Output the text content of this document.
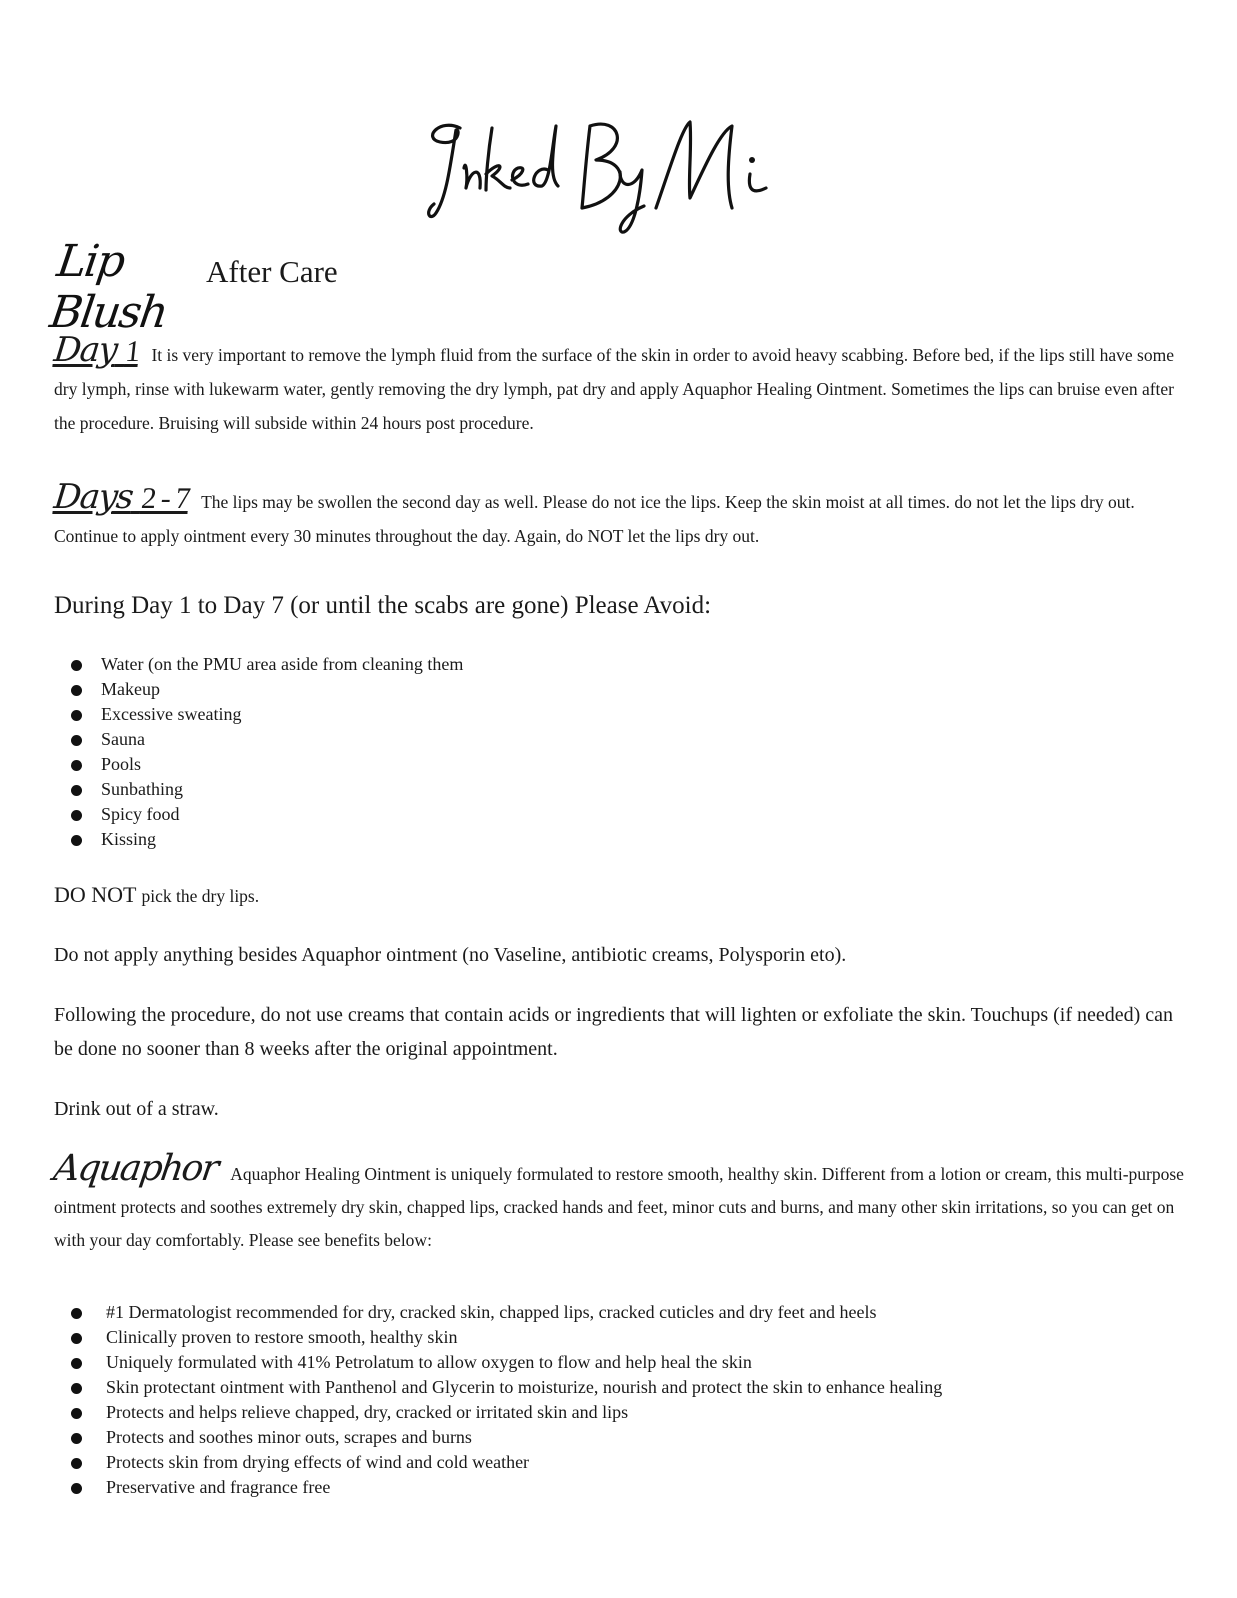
Lip Blush
After Care
Day 1 It is very important to remove the lymph fluid from the surface of the skin in order to avoid heavy scabbing. Before bed, if the lips still have some dry lymph, rinse with lukewarm water, gently removing the dry lymph, pat dry and apply Aquaphor Healing Ointment. Sometimes the lips can bruise even after the procedure. Bruising will subside within 24 hours post procedure.
Days 2 - 7 The lips may be swollen the second day as well. Please do not ice the lips. Keep the skin moist at all times. do not let the lips dry out. Continue to apply ointment every 30 minutes throughout the day. Again, do NOT let the lips dry out.
During Day 1 to Day 7 (or until the scabs are gone) Please Avoid:
Water (on the PMU area aside from cleaning them
Makeup
Excessive sweating
Sauna
Pools
Sunbathing
Spicy food
Kissing
DO NOT pick the dry lips.
Do not apply anything besides Aquaphor ointment (no Vaseline, antibiotic creams, Polysporin eto).
Following the procedure, do not use creams that contain acids or ingredients that will lighten or exfoliate the skin. Touchups (if needed) can be done no sooner than 8 weeks after the original appointment.
Drink out of a straw.
Aquaphor Aquaphor Healing Ointment is uniquely formulated to restore smooth, healthy skin. Different from a lotion or cream, this multi-purpose ointment protects and soothes extremely dry skin, chapped lips, cracked hands and feet, minor cuts and burns, and many other skin irritations, so you can get on with your day comfortably. Please see benefits below:
#1 Dermatologist recommended for dry, cracked skin, chapped lips, cracked cuticles and dry feet and heels
Clinically proven to restore smooth, healthy skin
Uniquely formulated with 41% Petrolatum to allow oxygen to flow and help heal the skin
Skin protectant ointment with Panthenol and Glycerin to moisturize, nourish and protect the skin to enhance healing
Protects and helps relieve chapped, dry, cracked or irritated skin and lips
Protects and soothes minor outs, scrapes and burns
Protects skin from drying effects of wind and cold weather
Preservative and fragrance free
